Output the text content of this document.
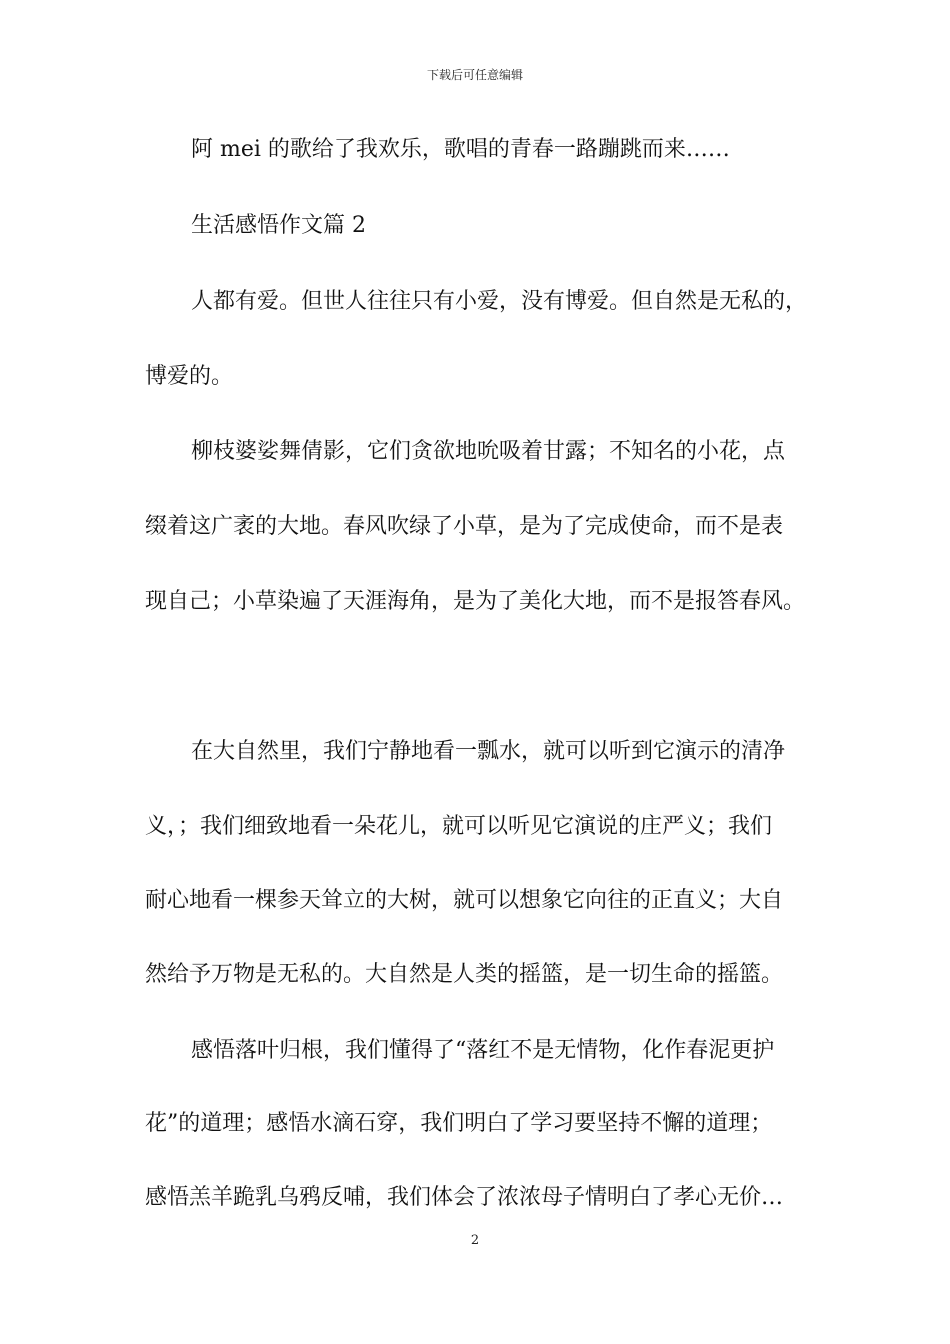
下载后可任意编辑
阿 mei 的歌给了我欢乐，歌唱的青春一路蹦跳而来……
生活感悟作文篇 2
人都有爱。但世人往往只有小爱，没有博爱。但自然是无私的，
博爱的。
柳枝婆娑舞倩影，它们贪欲地吮吸着甘露；不知名的小花，点
缀着这广袤的大地。春风吹绿了小草，是为了完成使命，而不是表
现自己；小草染遍了天涯海角，是为了美化大地，而不是报答春风。
在大自然里，我们宁静地看一瓢水，就可以听到它演示的清净
义，；我们细致地看一朵花儿，就可以听见它演说的庄严义；我们
耐心地看一棵参天耸立的大树，就可以想象它向往的正直义；大自
然给予万物是无私的。大自然是人类的摇篮，是一切生命的摇篮。
感悟落叶归根，我们懂得了“落红不是无情物，化作春泥更护
花”的道理；感悟水滴石穿，我们明白了学习要坚持不懈的道理；
感悟羔羊跪乳乌鸦反哺，我们体会了浓浓母子情明白了孝心无价…
2
